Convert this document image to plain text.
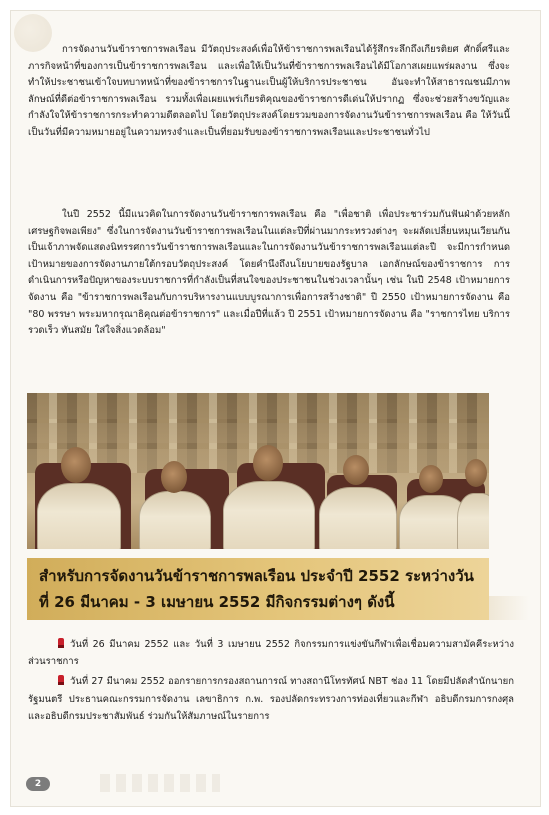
การจัดงานวันข้าราชการพลเรือน มีวัตถุประสงค์เพื่อให้ข้าราชการพลเรือนได้รู้สึกระลึกถึงเกียรติยศ ศักดิ์ศรีและภารกิจหน้าที่ของการเป็นข้าราชการพลเรือน และเพื่อให้เป็นวันที่ข้าราชการพลเรือนได้มีโอกาสเผยแพร่ผลงาน ซึ่งจะทำให้ประชาชนเข้าใจบทบาทหน้าที่ของข้าราชการในฐานะเป็นผู้ให้บริการประชาชน อันจะทำให้สาธารณชนมีภาพลักษณ์ที่ดีต่อข้าราชการพลเรือน รวมทั้งเพื่อเผยแพร่เกียรติคุณของข้าราชการดีเด่นให้ปรากฏ ซึ่งจะช่วยสร้างขวัญและกำลังใจให้ข้าราชการกระทำความดีตลอดไป โดยวัตถุประสงค์โดยรวมของการจัดงานวันข้าราชการพลเรือน คือ ให้วันนี้เป็นวันที่มีความหมายอยู่ในความทรงจำและเป็นที่ยอมรับของข้าราชการพลเรือนและประชาชนทั่วไป

ในปี 2552 นี้มีแนวคิดในการจัดงานวันข้าราชการพลเรือน คือ "เพื่อชาติ เพื่อประชาร่วมกันฟันฝ่าด้วยหลักเศรษฐกิจพอเพียง" ซึ่งในการจัดงานวันข้าราชการพลเรือนในแต่ละปีที่ผ่านมากระทรวงต่างๆ จะผลัดเปลี่ยนหมุนเวียนกันเป็นเจ้าภาพจัดแสดงนิทรรศการวันข้าราชการพลเรือนและในการจัดงานวันข้าราชการพลเรือนแต่ละปี จะมีการกำหนดเป้าหมายของการจัดงานภายใต้กรอบวัตถุประสงค์ โดยคำนึงถึงนโยบายของรัฐบาล เอกลักษณ์ของข้าราชการ การดำเนินการหรือปัญหาของระบบราชการที่กำลังเป็นที่สนใจของประชาชนในช่วงเวลานั้นๆ เช่น ในปี 2548 เป้าหมายการจัดงาน คือ "ข้าราชการพลเรือนกับการบริหารงานแบบบูรณาการเพื่อการสร้างชาติ" ปี 2550 เป้าหมายการจัดงาน คือ "80 พรรษา พระมหากรุณาธิคุณต่อข้าราชการ" และเมื่อปีที่แล้ว ปี 2551 เป้าหมายการจัดงาน คือ "ราชการไทย บริการรวดเร็ว ทันสมัย ใส่ใจสิ่งแวดล้อม"

สำหรับการจัดงานวันข้าราชการพลเรือน ประจำปี 2552 ระหว่างวันที่ 26 มีนาคม - 3 เมษายน 2552 มีกิจกรรมต่างๆ ดังนี้

วันที่ 26 มีนาคม 2552 และ วันที่ 3 เมษายน 2552 กิจกรรมการแข่งขันกีฬาเพื่อเชื่อมความสามัคคีระหว่างส่วนราชการ

วันที่ 27 มีนาคม 2552 ออกรายการกรองสถานการณ์ ทางสถานีโทรทัศน์ NBT ช่อง 11 โดยมีปลัดสำนักนายกรัฐมนตรี ประธานคณะกรรมการจัดงาน เลขาธิการ ก.พ. รองปลัดกระทรวงการท่องเที่ยวและกีฬา อธิบดีกรมการกงศุล และอธิบดีกรมประชาสัมพันธ์ ร่วมกันให้สัมภาษณ์ในรายการ

2
